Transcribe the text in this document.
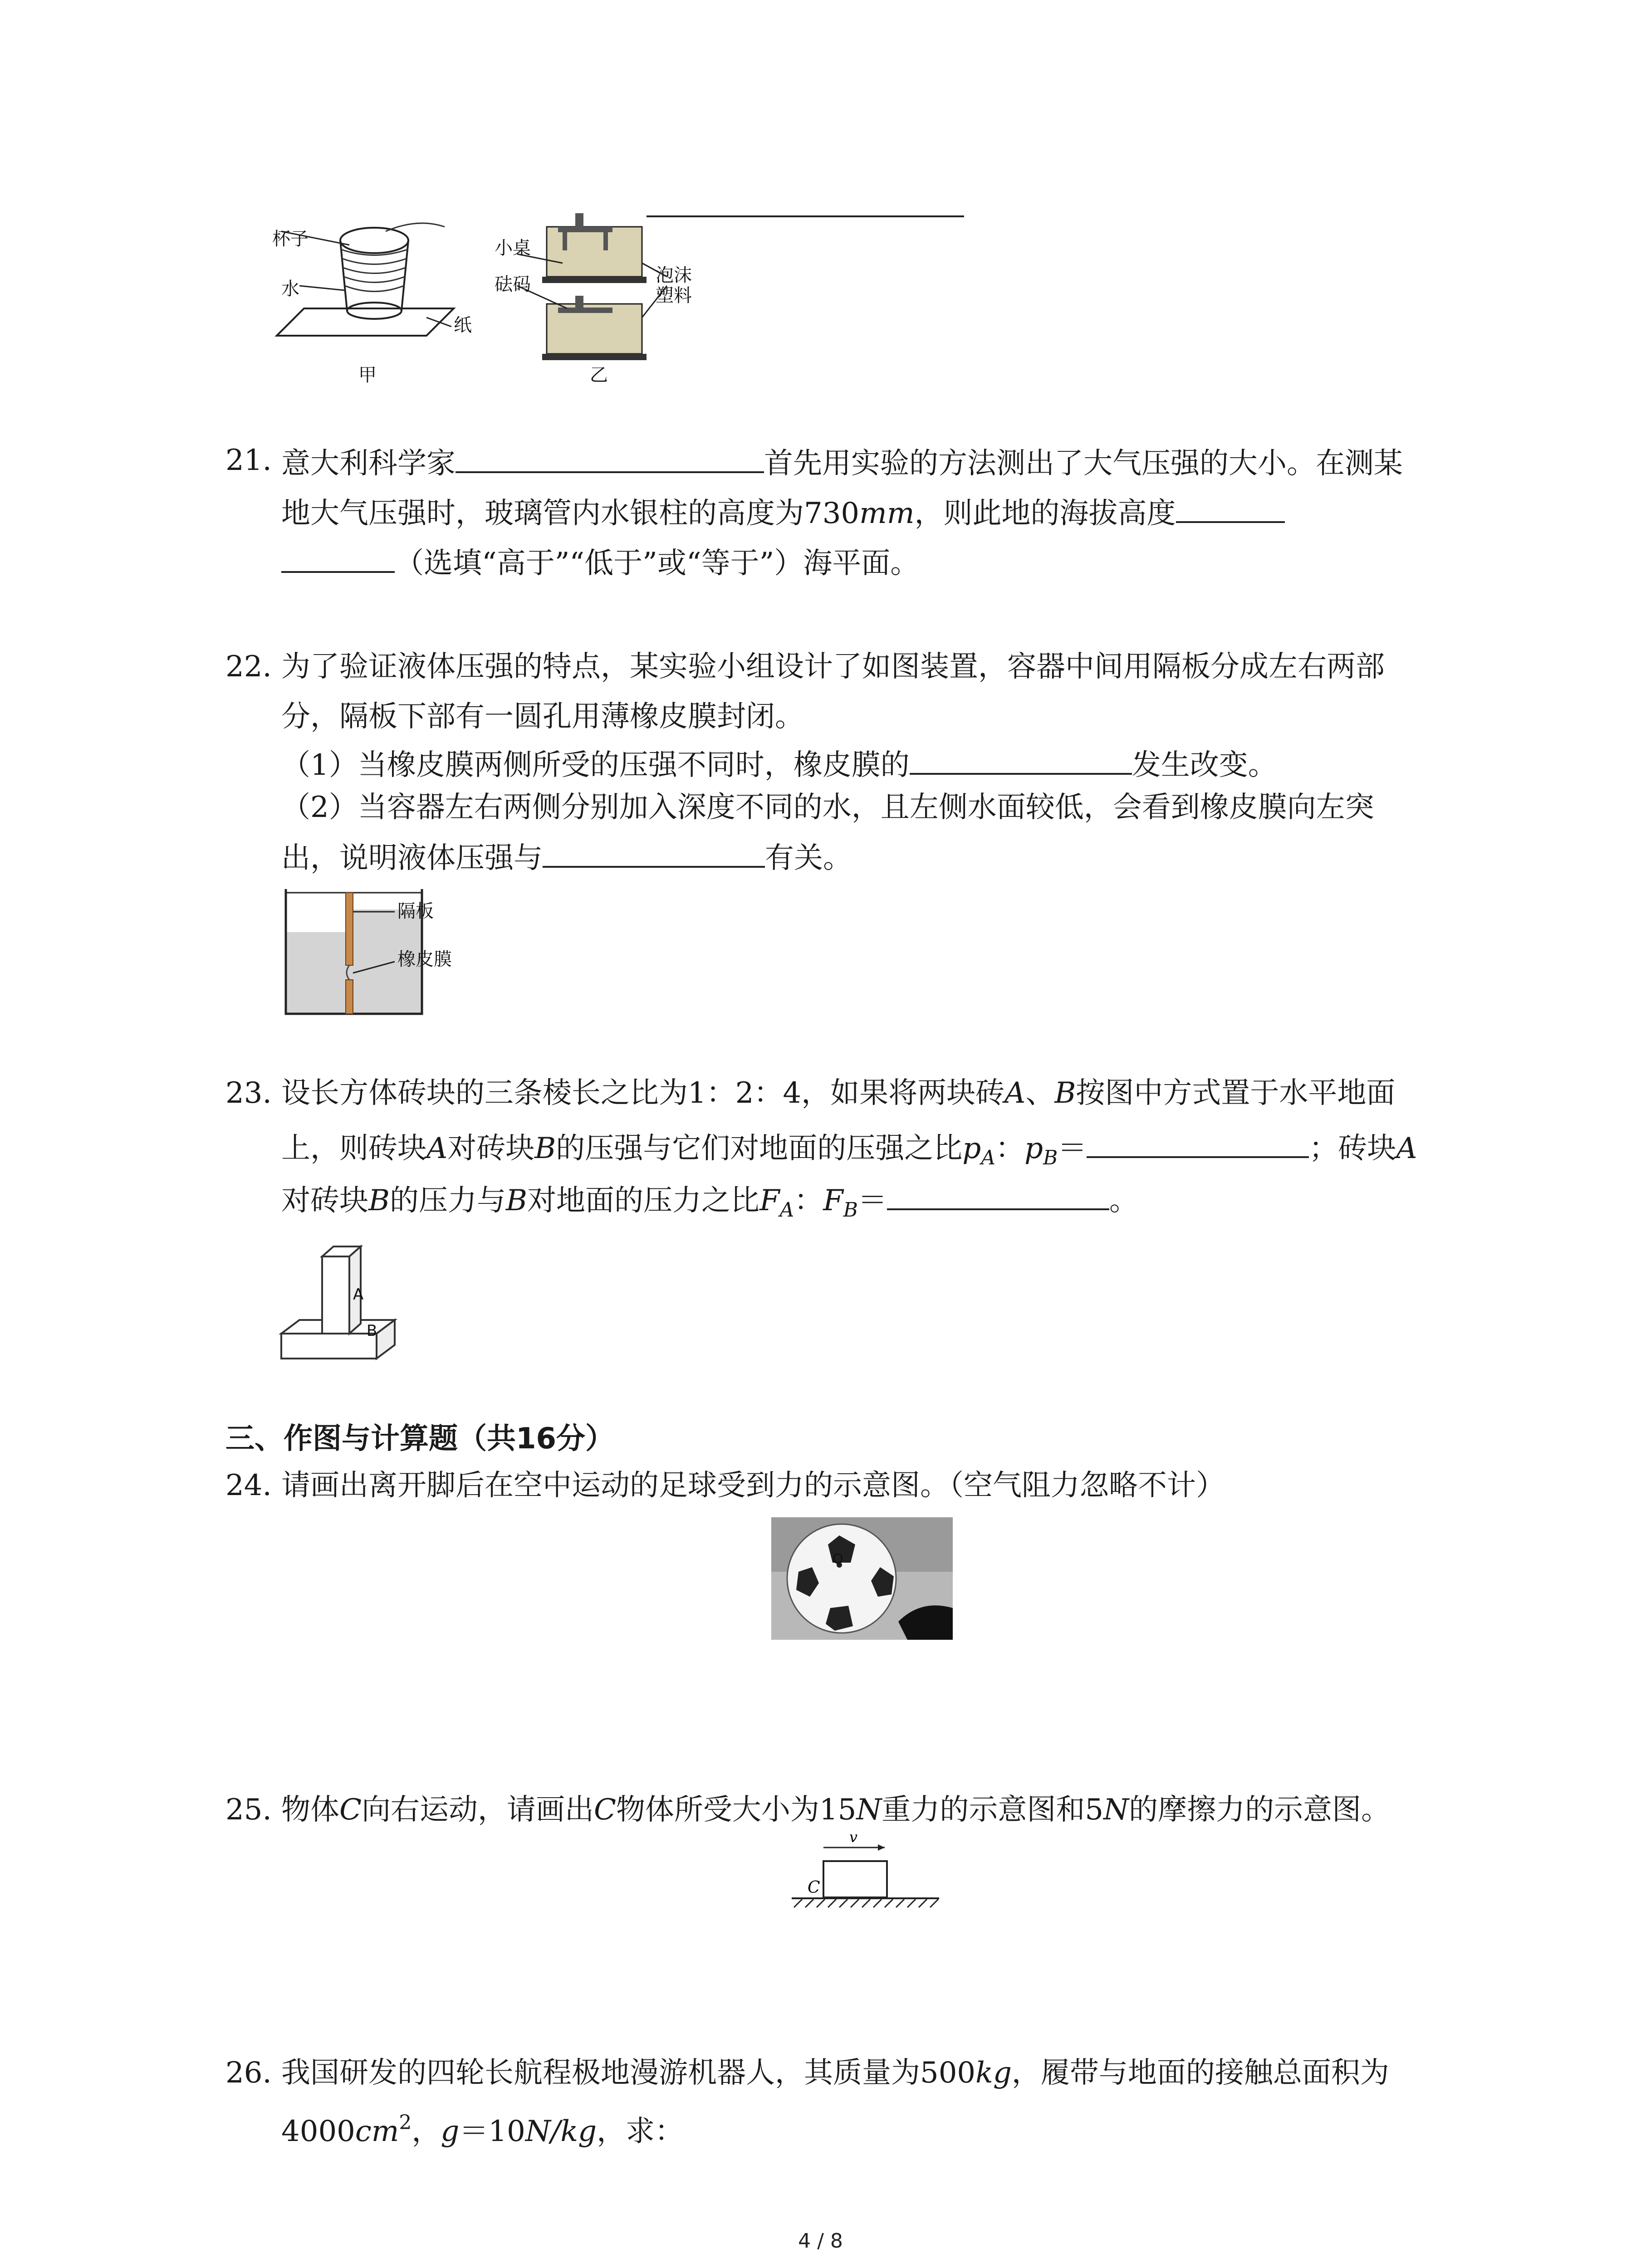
杯子
水
纸
甲
小桌
砝码	泡沫
塑料
乙
21. 意大利科学家	首先用实验的方法测出了大气压强的大小。在测某
地大气压强时，玻璃管内水银柱的高度为730mm，则此地的海拔高度
（选填“高于”“低于”或“等于”）海平面。
22. 为了验证液体压强的特点，某实验小组设计了如图装置，容器中间用隔板分成左右两部
分，隔板下部有一圆孔用薄橡皮膜封闭。
（1）当橡皮膜两侧所受的压强不同时，橡皮膜的	发生改变。
（2）当容器左右两侧分别加入深度不同的水，且左侧水面较低，会看到橡皮膜向左突
出，说明液体压强与	有关。
隔板
橡皮膜
23. 设长方体砖块的三条棱长之比为1：2：4，如果将两块砖A、B按图中方式置于水平地面
上，则砖块A对砖块B的压强与它们对地面的压强之比$p_A$：$p_B=$	；砖块A
对砖块B的压力与B对地面的压力之比$F_A$：$F_B=$	。
A
B
三、作图与计算题（共16分）
24. 请画出离开脚后在空中运动的足球受到力的示意图。（空气阻力忽略不计）
O
25. 物体C向右运动，请画出C物体所受大小为15N重力的示意图和5N的摩擦力的示意图。
v
C
26. 我国研发的四轮长航程极地漫游机器人，其质量为500kg，履带与地面的接触总面积为
$4000cm^2$，g＝10N/kg，求：
4 / 8
